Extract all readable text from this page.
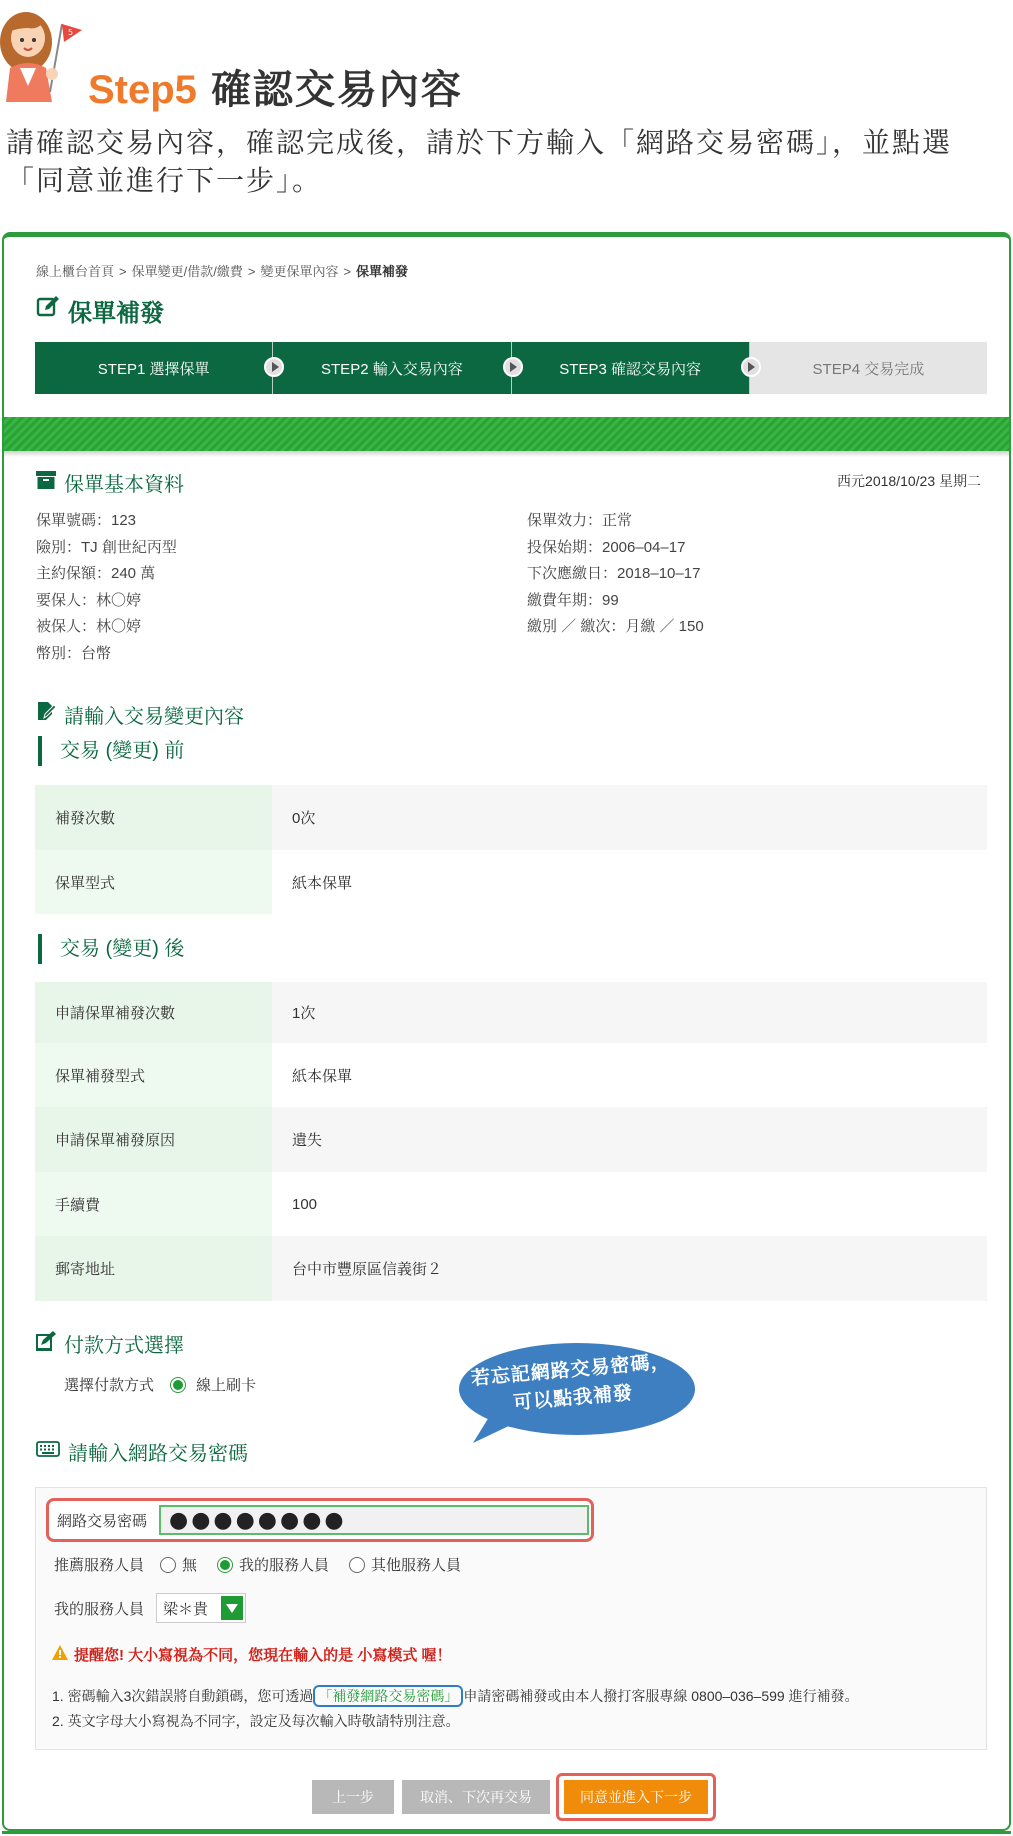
5
Step5 確認交易內容
請確認交易內容，確認完成後，請於下方輸入「網路交易密碼」，並點選「同意並進行下一步」。
線上櫃台首頁 > 保單變更/借款/繳費 > 變更保單內容 > 保單補發
保單補發
STEP1 選擇保單	STEP2 輸入交易內容	STEP3 確認交易內容	STEP4 交易完成
保單基本資料	西元2018/10/23 星期二
保單號碼：123
險別：TJ 創世紀丙型
主約保額：240 萬
要保人：林〇婷
被保人：林〇婷
幣別：台幣
保單效力：正常
投保始期：2006–04–17
下次應繳日：2018–10–17
繳費年期：99
繳別 ／ 繳次：月繳 ／ 150
請輸入交易變更內容
交易 (變更) 前
補發次數	0次
保單型式	紙本保單
交易 (變更) 後
申請保單補發次數	1次
保單補發型式	紙本保單
申請保單補發原因	遺失
手續費	100
郵寄地址	台中市豐原區信義街２
付款方式選擇
選擇付款方式	線上刷卡
請輸入網路交易密碼
網路交易密碼
●●●●●●●●
推薦服務人員	無	我的服務人員	其他服務人員
我的服務人員 梁＊貴
提醒您! 大小寫視為不同，您現在輸入的是 小寫模式 喔！
1. 密碼輸入3次錯誤將自動鎖碼，您可透過 「補發網路交易密碼」 申請密碼補發或由本人撥打客服專線 0800–036–599 進行補發。
2. 英文字母大小寫視為不同字，設定及每次輸入時敬請特別注意。
上一步	取消、下次再交易	同意並進入下一步
若忘記網路交易密碼，
可以點我補發
